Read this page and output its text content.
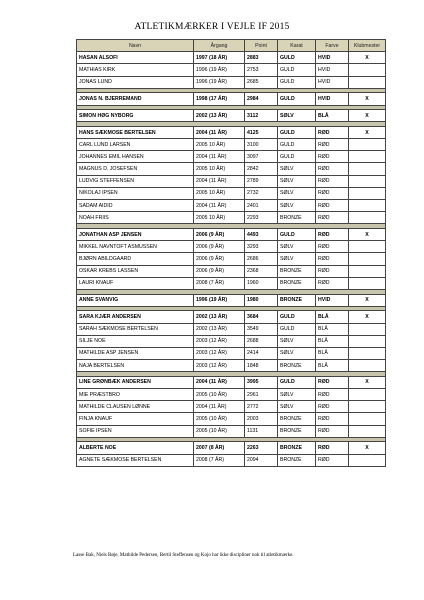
ATLETIKMÆRKER I VEJLE IF 2015
Navn	Årgang	Point	Karat	Farve	Klubmester
HASAN ALSOFI	1997 (18 ÅR)	2883	GULD	HVID	X
MATHIAS KIRK	1996 (19 ÅR)	2753	GULD	HVID	
JONAS LUND	1996 (19 ÅR)	2685	GULD	HVID	

JONAS N. BJERREMAND	1998 (17 ÅR)	2984	GULD	HVID	X

SIMON HØG NYBORG	2002 (13 ÅR)	3112	SØLV	BLÅ	X

HANS SÆKMOSE BERTELSEN	2004 (11 ÅR)	4125	GULD	RØD	X
CARL LUND LARSEN	2005 10 ÅR)	3100	GULD	RØD	
JOHANNES EMIL HANSEN	2004 (11 ÅR)	3097	GULD	RØD	
MAGNUS D. JOSEFSEN	2005 10 ÅR)	2842	SØLV	RØD	
LUDVIG STEFFENSEN	2004 (11 ÅR)	2789	SØLV	RØD	
NIKOLAJ IPSEN	2005 10 ÅR)	2732	SØLV	RØD	
SADAM AIDID	2004 (11 ÅR)	2401	SØLV	RØD	
NOAH FRIIS	2005 10 ÅR)	2293	BRONZE	RØD	

JONATHAN ASP JENSEN	2006 (9 ÅR)	4493	GULD	RØD	X
MIKKEL NAVNTOFT ASMUSSEN	2006 (9 ÅR)	3293	SØLV	RØD	
BJØRN ABILDGAARD	2006 (9 ÅR)	2686	SØLV	RØD	
OSKAR KREBS LASSEN	2006 (9 ÅR)	2368	BRONZE	RØD	
LAURI KNAUF	2008 (7 ÅR)	1960	BRONZE	RØD	

ANNE SVANVIG	1996 (19 ÅR)	1980	BRONZE	HVID	X

SARA KJÆR ANDERSEN	2002 (13 ÅR)	3684	GULD	BLÅ	X
SARAH SÆKMOSE BERTELSEN	2002 (13 ÅR)	3549	GULD	BLÅ	
SILJE NOE	2003 (12 ÅR)	2688	SØLV	BLÅ	
MATHILDE ASP JENSEN	2003 (12 ÅR)	2414	SØLV	BLÅ	
NAJA BERTELSEN	2003 (12 ÅR)	1848	BRONZE	BLÅ	

LINE GRØNBÆK ANDERSEN	2004 (11 ÅR)	3995	GULD	RØD	X
MIE PRÆSTBRO	2005 (10 ÅR)	2961	SØLV	RØD	
MATHILDE CLAUSEN LØNNE	2004 (11 ÅR)	2772	SØLV	RØD	
FINJA KNAUF	2005 (10 ÅR)	2003	BRONZE	RØD	
SOFIE IPSEN	2005 (10 ÅR)	1131	BRONZE	RØD	

ALBERTE NOE	2007 (8 ÅR)	2263	BRONZE	RØD	X
AGNETE SÆKMOSE BERTELSEN	2008 (7 ÅR)	2094	BRONZE	RØD	
Lasse Bak, Niels Bøje, Mathilde Pedersen, Bertil Steffensen og Kojo har ikke discipliner nok til atletikmærke.
